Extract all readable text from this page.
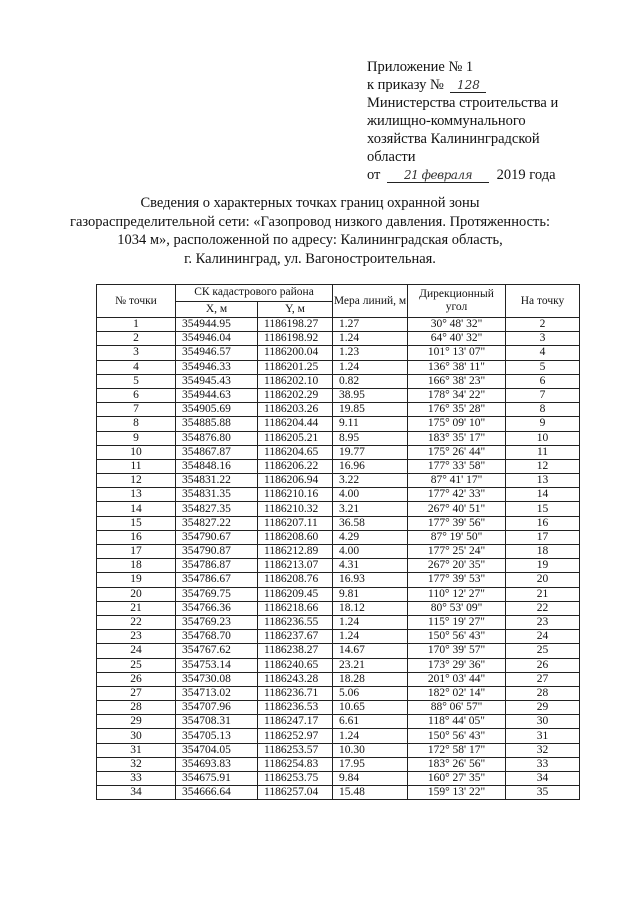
Приложение № 1
к приказу № 128
Министерства строительства и
жилищно-коммунального
хозяйства Калининградской
области
от 21 февраля 2019 года
Сведения о характерных точках границ охранной зоны
газораспределительной сети: «Газопровод низкого давления. Протяженность:
1034 м», расположенной по адресу: Калининградская область,
г. Калининград, ул. Вагоностроительная.
№ точки	СК кадастрового района		Мера линий, м	Дирекционный угол	На точку
	X, м	Y, м			
1	354944.95	1186198.27	1.27	30° 48' 32"	2
2	354946.04	1186198.92	1.24	64° 40' 32"	3
3	354946.57	1186200.04	1.23	101° 13' 07"	4
4	354946.33	1186201.25	1.24	136° 38' 11"	5
5	354945.43	1186202.10	0.82	166° 38' 23"	6
6	354944.63	1186202.29	38.95	178° 34' 22"	7
7	354905.69	1186203.26	19.85	176° 35' 28"	8
8	354885.88	1186204.44	9.11	175° 09' 10"	9
9	354876.80	1186205.21	8.95	183° 35' 17"	10
10	354867.87	1186204.65	19.77	175° 26' 44"	11
11	354848.16	1186206.22	16.96	177° 33' 58"	12
12	354831.22	1186206.94	3.22	87° 41' 17"	13
13	354831.35	1186210.16	4.00	177° 42' 33"	14
14	354827.35	1186210.32	3.21	267° 40' 51"	15
15	354827.22	1186207.11	36.58	177° 39' 56"	16
16	354790.67	1186208.60	4.29	87° 19' 50"	17
17	354790.87	1186212.89	4.00	177° 25' 24"	18
18	354786.87	1186213.07	4.31	267° 20' 35"	19
19	354786.67	1186208.76	16.93	177° 39' 53"	20
20	354769.75	1186209.45	9.81	110° 12' 27"	21
21	354766.36	1186218.66	18.12	80° 53' 09"	22
22	354769.23	1186236.55	1.24	115° 19' 27"	23
23	354768.70	1186237.67	1.24	150° 56' 43"	24
24	354767.62	1186238.27	14.67	170° 39' 57"	25
25	354753.14	1186240.65	23.21	173° 29' 36"	26
26	354730.08	1186243.28	18.28	201° 03' 44"	27
27	354713.02	1186236.71	5.06	182° 02' 14"	28
28	354707.96	1186236.53	10.65	88° 06' 57"	29
29	354708.31	1186247.17	6.61	118° 44' 05"	30
30	354705.13	1186252.97	1.24	150° 56' 43"	31
31	354704.05	1186253.57	10.30	172° 58' 17"	32
32	354693.83	1186254.83	17.95	183° 26' 56"	33
33	354675.91	1186253.75	9.84	160° 27' 35"	34
34	354666.64	1186257.04	15.48	159° 13' 22"	35
